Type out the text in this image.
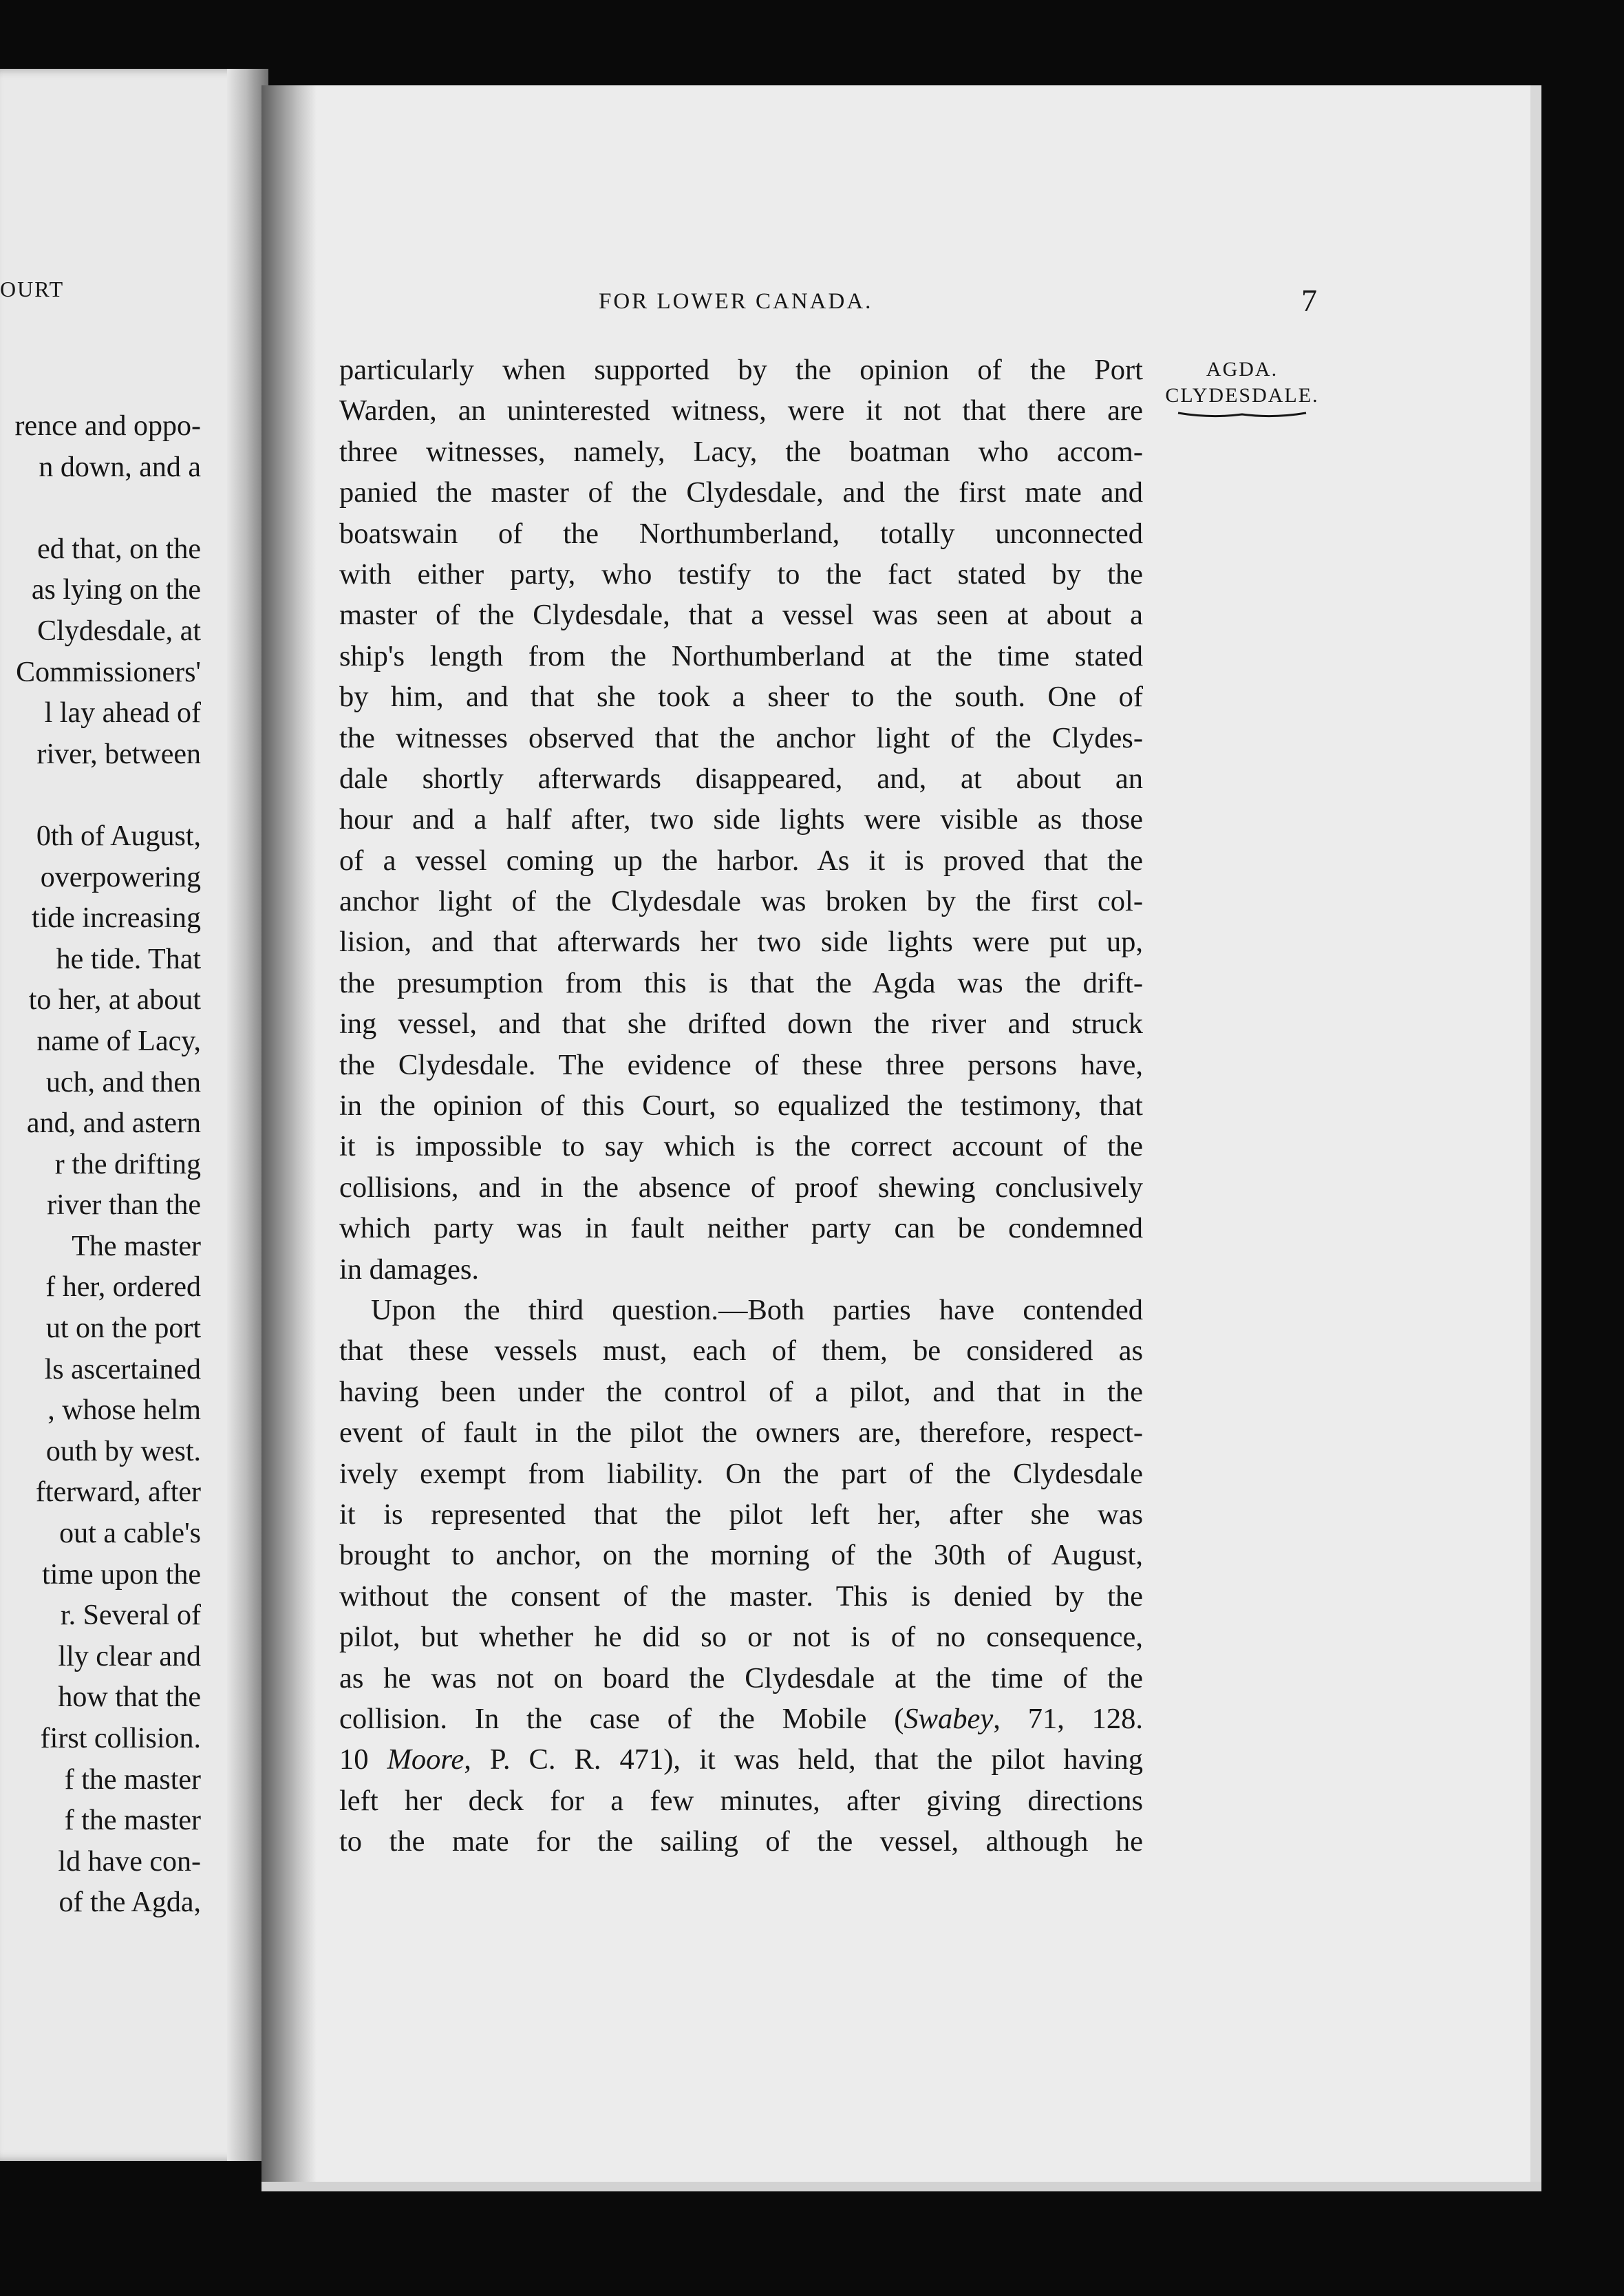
OURT
rence and oppo-
n down, and a
ed that, on the
as lying on the
Clydesdale, at
Commissioners'
l lay ahead of
river, between
0th of August,
overpowering
tide increasing
he tide. That
to her, at about
name of Lacy,
uch, and then
and, and astern
r the drifting
river than the
The master
f her, ordered
ut on the port
ls ascertained
, whose helm
outh by west.
fterward, after
out a cable's
time upon the
r. Several of
lly clear and
how that the
first collision.
f the master
f the master
ld have con-
of the Agda,
FOR LOWER CANADA.	7
AGDA.
CLYDESDALE.
particularly when supported by the opinion of the Port
Warden, an uninterested witness, were it not that there are
three witnesses, namely, Lacy, the boatman who accom-
panied the master of the Clydesdale, and the first mate and
boatswain of the Northumberland, totally unconnected
with either party, who testify to the fact stated by the
master of the Clydesdale, that a vessel was seen at about a
ship's length from the Northumberland at the time stated
by him, and that she took a sheer to the south. One of
the witnesses observed that the anchor light of the Clydes-
dale shortly afterwards disappeared, and, at about an
hour and a half after, two side lights were visible as those
of a vessel coming up the harbor. As it is proved that the
anchor light of the Clydesdale was broken by the first col-
lision, and that afterwards her two side lights were put up,
the presumption from this is that the Agda was the drift-
ing vessel, and that she drifted down the river and struck
the Clydesdale. The evidence of these three persons have,
in the opinion of this Court, so equalized the testimony, that
it is impossible to say which is the correct account of the
collisions, and in the absence of proof shewing conclusively
which party was in fault neither party can be condemned
in damages.
Upon the third question.—Both parties have contended
that these vessels must, each of them, be considered as
having been under the control of a pilot, and that in the
event of fault in the pilot the owners are, therefore, respect-
ively exempt from liability. On the part of the Clydesdale
it is represented that the pilot left her, after she was
brought to anchor, on the morning of the 30th of August,
without the consent of the master. This is denied by the
pilot, but whether he did so or not is of no consequence,
as he was not on board the Clydesdale at the time of the
collision. In the case of the Mobile (Swabey, 71, 128.
10 Moore, P. C. R. 471), it was held, that the pilot having
left her deck for a few minutes, after giving directions
to the mate for the sailing of the vessel, although he
